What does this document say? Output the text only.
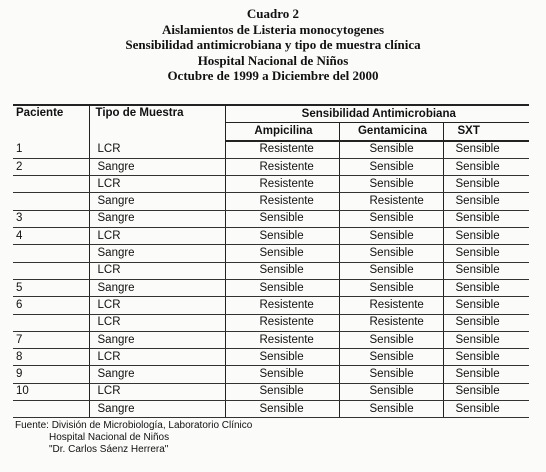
Cuadro 2
Aislamientos de Listeria monocytogenes
Sensibilidad antimicrobiana y tipo de muestra clínica
Hospital Nacional de Niños
Octubre de 1999 a Diciembre del 2000
Paciente	Tipo de Muestra	Sensibilidad Antimicrobiana		
		Ampicilina	Gentamicina	SXT
1	LCR	Resistente	Sensible	Sensible
2	Sangre	Resistente	Sensible	Sensible
	LCR	Resistente	Sensible	Sensible
	Sangre	Resistente	Resistente	Sensible
3	Sangre	Sensible	Sensible	Sensible
4	LCR	Sensible	Sensible	Sensible
	Sangre	Sensible	Sensible	Sensible
	LCR	Sensible	Sensible	Sensible
5	Sangre	Sensible	Sensible	Sensible
6	LCR	Resistente	Resistente	Sensible
	LCR	Resistente	Resistente	Sensible
7	Sangre	Resistente	Sensible	Sensible
8	LCR	Sensible	Sensible	Sensible
9	Sangre	Sensible	Sensible	Sensible
10	LCR	Sensible	Sensible	Sensible
	Sangre	Sensible	Sensible	Sensible
Fuente: División de Microbiología, Laboratorio Clínico
Hospital Nacional de Niños
"Dr. Carlos Sáenz Herrera"
